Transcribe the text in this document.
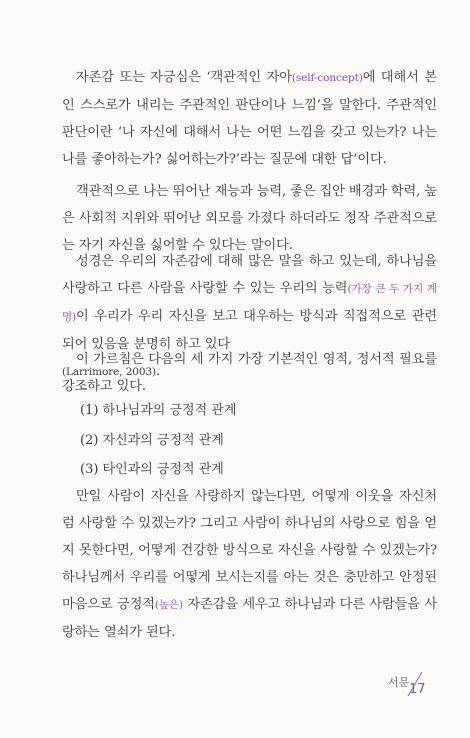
자존감 또는 자긍심은 ‘객관적인 자아(self-concept)에 대해서 본인 스스로가 내리는 주관적인 판단이나 느낌’을 말한다. 주관적인 판단이란 ‘나 자신에 대해서 나는 어떤 느낌을 갖고 있는가? 나는 나를 좋아하는가? 싫어하는가?’라는 질문에 대한 답’이다.
객관적으로 나는 뛰어난 재능과 능력, 좋은 집안 배경과 학력, 높은 사회적 지위와 뛰어난 외모를 가졌다 하더라도 정작 주관적으로는 자기 자신을 싫어할 수 있다는 말이다.
성경은 우리의 자존감에 대해 많은 말을 하고 있는데, 하나님을 사랑하고 다른 사람을 사랑할 수 있는 우리의 능력(가장 큰 두 가지 계명)이 우리가 우리 자신을 보고 대우하는 방식과 직접적으로 관련되어 있음을 분명히 하고 있다
(Larrimore, 2003).
이 가르침은 다음의 세 가지 가장 기본적인 영적, 정서적 필요를 강조하고 있다.
(1) 하나님과의 긍정적 관계
(2) 자신과의 긍정적 관계
(3) 타인과의 긍정적 관계
만일 사람이 자신을 사랑하지 않는다면, 어떻게 이웃을 자신처럼 사랑할 수 있겠는가? 그리고 사람이 하나님의 사랑으로 힘을 얻지 못한다면, 어떻게 건강한 방식으로 자신을 사랑할 수 있겠는가? 하나님께서 우리를 어떻게 보시는지를 아는 것은 충만하고 안정된 마음으로 긍정적(높은) 자존감을 세우고 하나님과 다른 사람들을 사랑하는 열쇠가 된다.
서문 17
